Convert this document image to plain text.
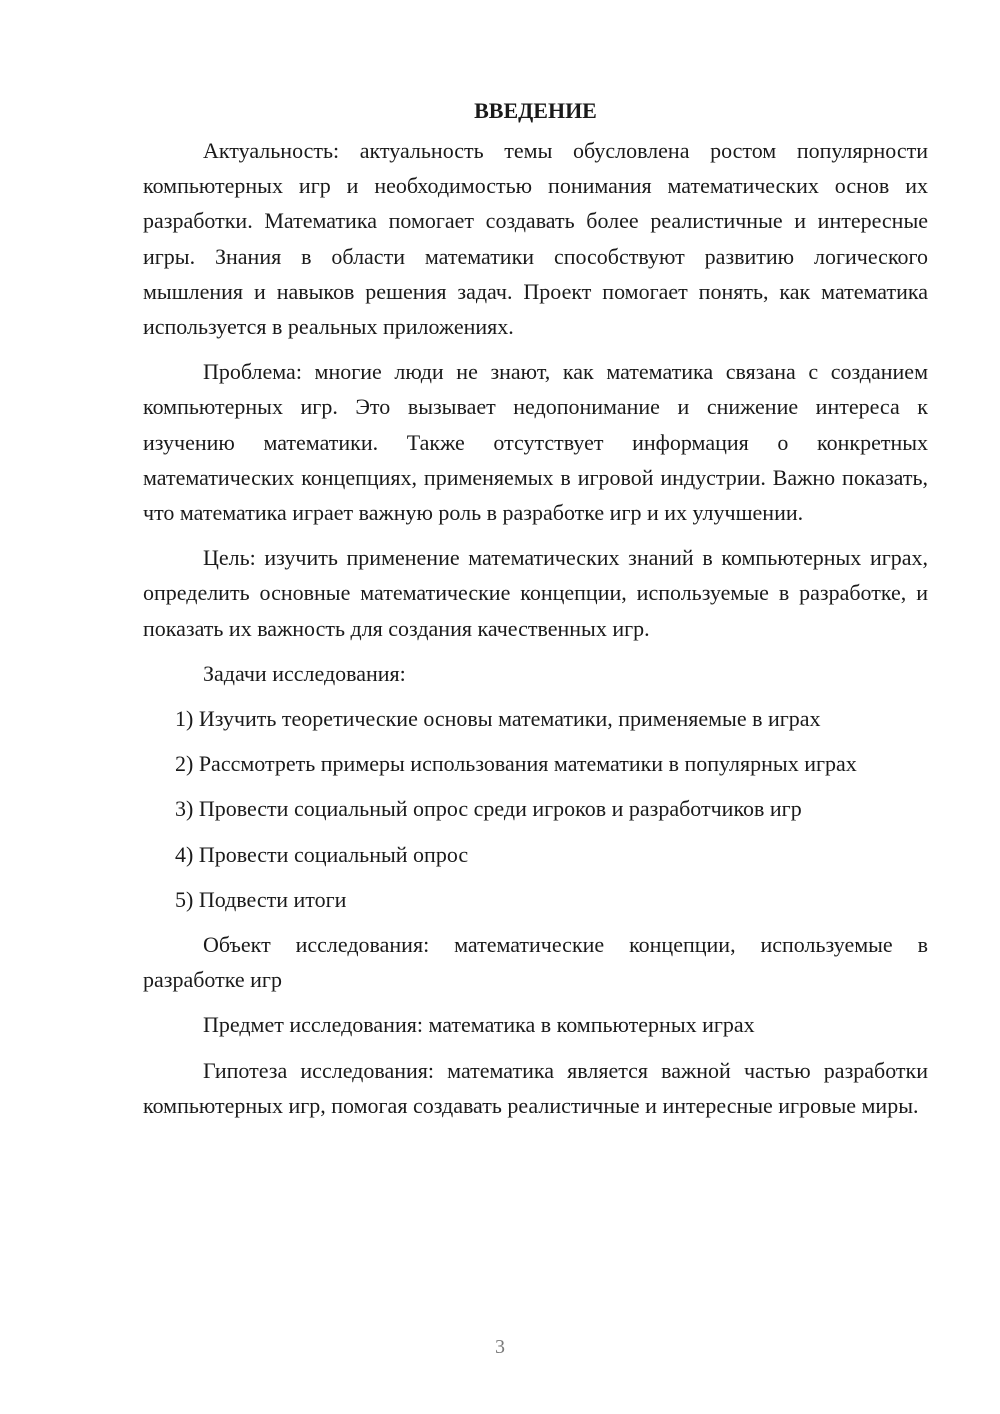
ВВЕДЕНИЕ

Актуальность: актуальность темы обусловлена ростом популярности компьютерных игр и необходимостью понимания математических основ их разработки. Математика помогает создавать более реалистичные и интересные игры. Знания в области математики способствуют развитию логического мышления и навыков решения задач. Проект помогает понять, как математика используется в реальных приложениях.

Проблема: многие люди не знают, как математика связана с созданием компьютерных игр. Это вызывает недопонимание и снижение интереса к изучению математики. Также отсутствует информация о конкретных математических концепциях, применяемых в игровой индустрии. Важно показать, что математика играет важную роль в разработке игр и их улучшении.

Цель: изучить применение математических знаний в компьютерных играх, определить основные математические концепции, используемые в разработке, и показать их важность для создания качественных игр.

Задачи исследования:

1) Изучить теоретические основы математики, применяемые в играх

2) Рассмотреть примеры использования математики в популярных играх

3) Провести социальный опрос среди игроков и разработчиков игр

4) Провести социальный опрос

5) Подвести итоги

Объект исследования: математические концепции, используемые в разработке игр

Предмет исследования: математика в компьютерных играх

Гипотеза исследования: математика является важной частью разработки компьютерных игр, помогая создавать реалистичные и интересные игровые миры.

3
